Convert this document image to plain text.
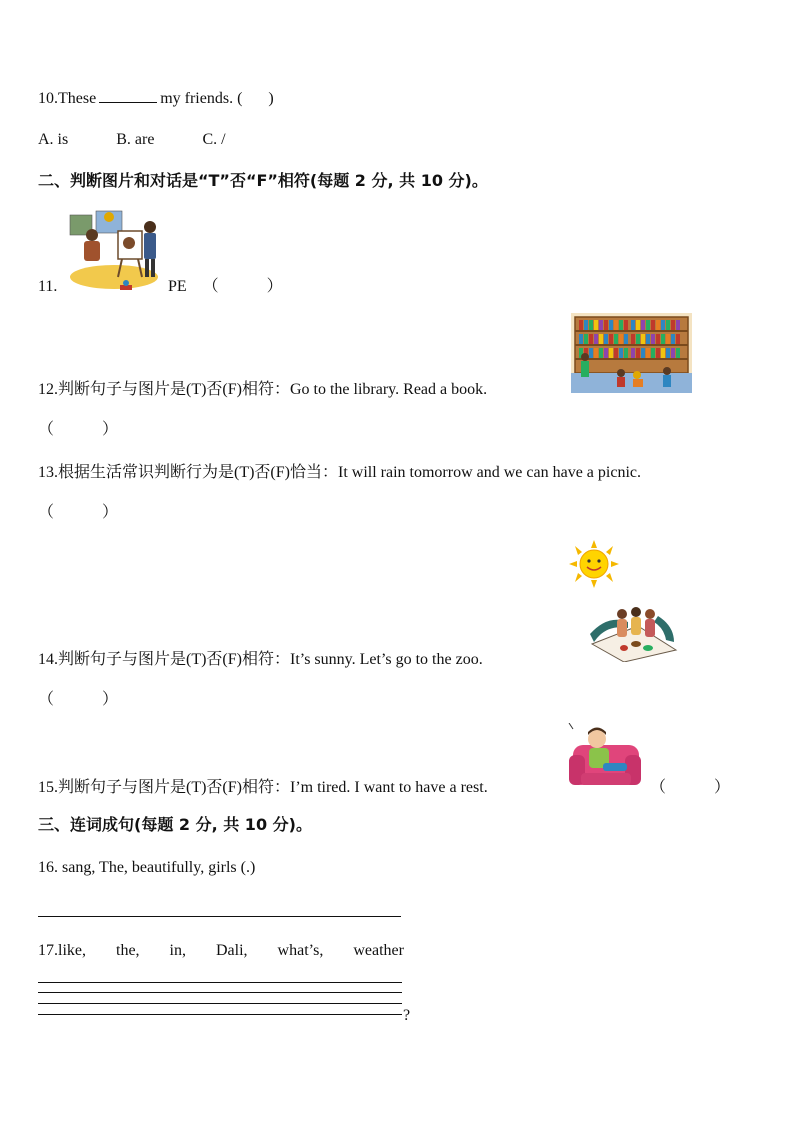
10.These	my friends. ( )
A. is	B. are	C. /
二、判断图片和对话是“T”否“F”相符(每题 2 分, 共 10 分)。
11.	PE （　　　）
12.判断句子与图片是(T)否(F)相符：Go to the library. Read a book.
（　　　）
13.根据生活常识判断行为是(T)否(F)恰当：It will rain tomorrow and we can have a picnic.
（　　　）
14.判断句子与图片是(T)否(F)相符：It’s sunny. Let’s go to the zoo.
（　　　）
15.判断句子与图片是(T)否(F)相符：I’m tired. I want to have a rest.	（　　　）
三、连词成句(每题 2 分, 共 10 分)。
16. sang, The, beautifully, girls (.)
17.like, the, in, Dali, what’s, weather
?
